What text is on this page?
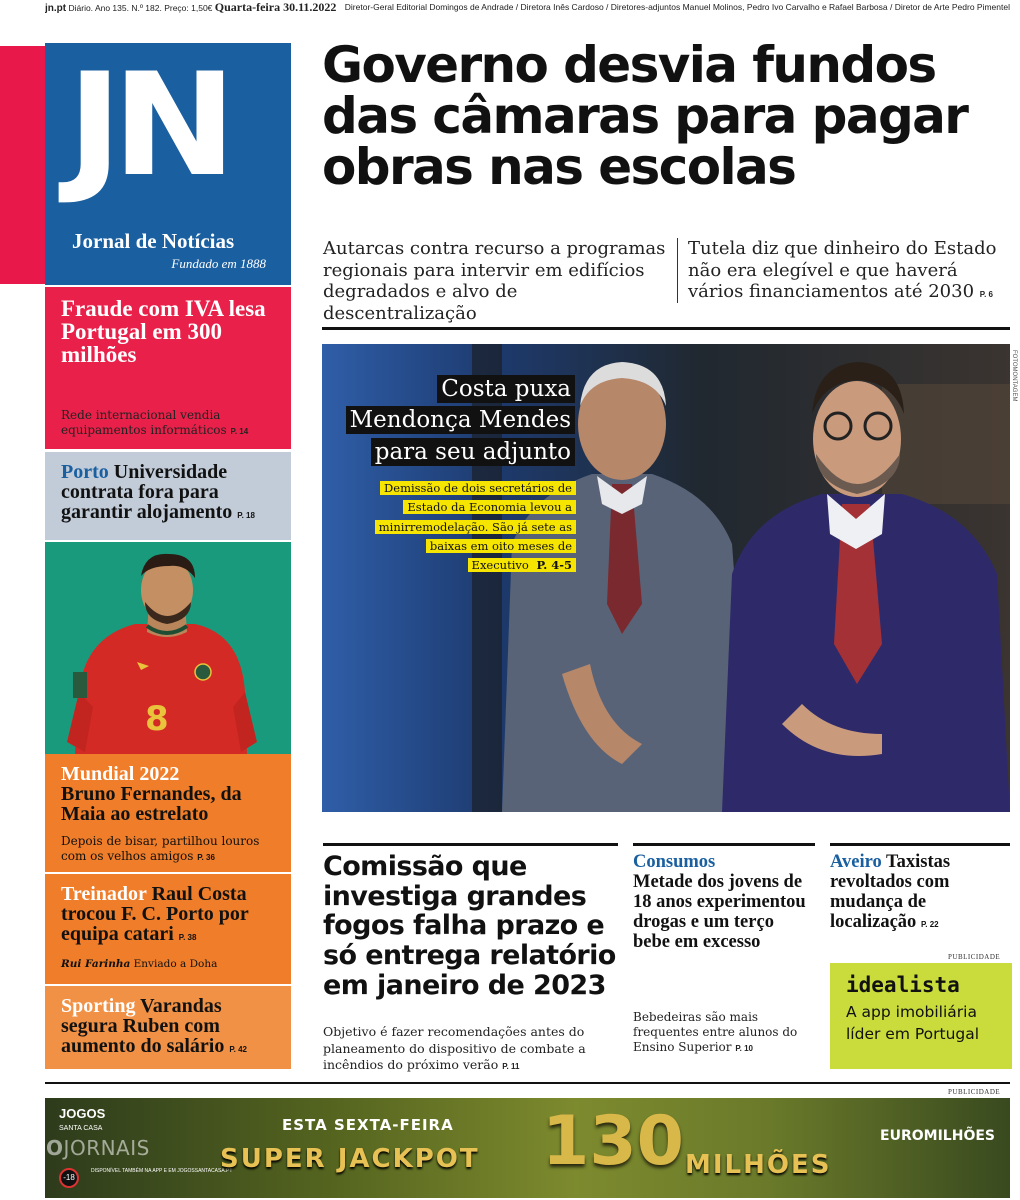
jn.pt Diário. Ano 135. N.º 182. Preço: 1,50€ Quarta-feira 30.11.2022 Diretor-Geral Editorial Domingos de Andrade / Diretora Inês Cardoso / Diretores-adjuntos Manuel Molinos, Pedro Ivo Carvalho e Rafael Barbosa / Diretor de Arte Pedro Pimentel
JN
Jornal de Notícias
Fundado em 1888
Fraude com IVA lesa Portugal em 300 milhões

Rede internacional vendia equipamentos informáticos P. 14

Porto Universidade contrata fora para garantir alojamento P. 18
8
Mundial 2022
Bruno Fernandes, da Maia ao estrelato

Depois de bisar, partilhou louros com os velhos amigos P. 36

Treinador Raul Costa trocou F. C. Porto por equipa catari P. 38

Rui Farinha Enviado a Doha

Sporting Varandas segura Ruben com aumento do salário P. 42
Governo desvia fundos das câmaras para pagar obras nas escolas
Autarcas contra recurso a programas regionais para intervir em edifícios degradados e alvo de descentralização
Tutela diz que dinheiro do Estado não era elegível e que haverá vários financiamentos até 2030 P. 6
FOTOMONTAGEM
Costa puxa
Mendonça Mendes
para seu adjunto
Demissão de dois secretários de Estado da Economia levou a minirremodelação. São já sete as baixas em oito meses de Executivo P. 4-5
Comissão que investiga grandes fogos falha prazo e só entrega relatório em janeiro de 2023

Objetivo é fazer recomendações antes do planeamento do dispositivo de combate a incêndios do próximo verão P. 11

Consumos
Metade dos jovens de 18 anos experimentou drogas e um terço bebe em excesso

Bebedeiras são mais frequentes entre alunos do Ensino Superior P. 10

Aveiro Taxistas revoltados com mudança de localização P. 22
PUBLICIDADE
idealista
A app imobiliária líder em Portugal
PUBLICIDADE
JOGOS
SANTA CASA
-18
DISPONÍVEL TAMBÉM NA APP E EM JOGOSSANTACASA.PT
ESTA SEXTA-FEIRA
SUPER JACKPOT 130 MILHÕES
EUROMILHÕES
SAPOJORNAIS
